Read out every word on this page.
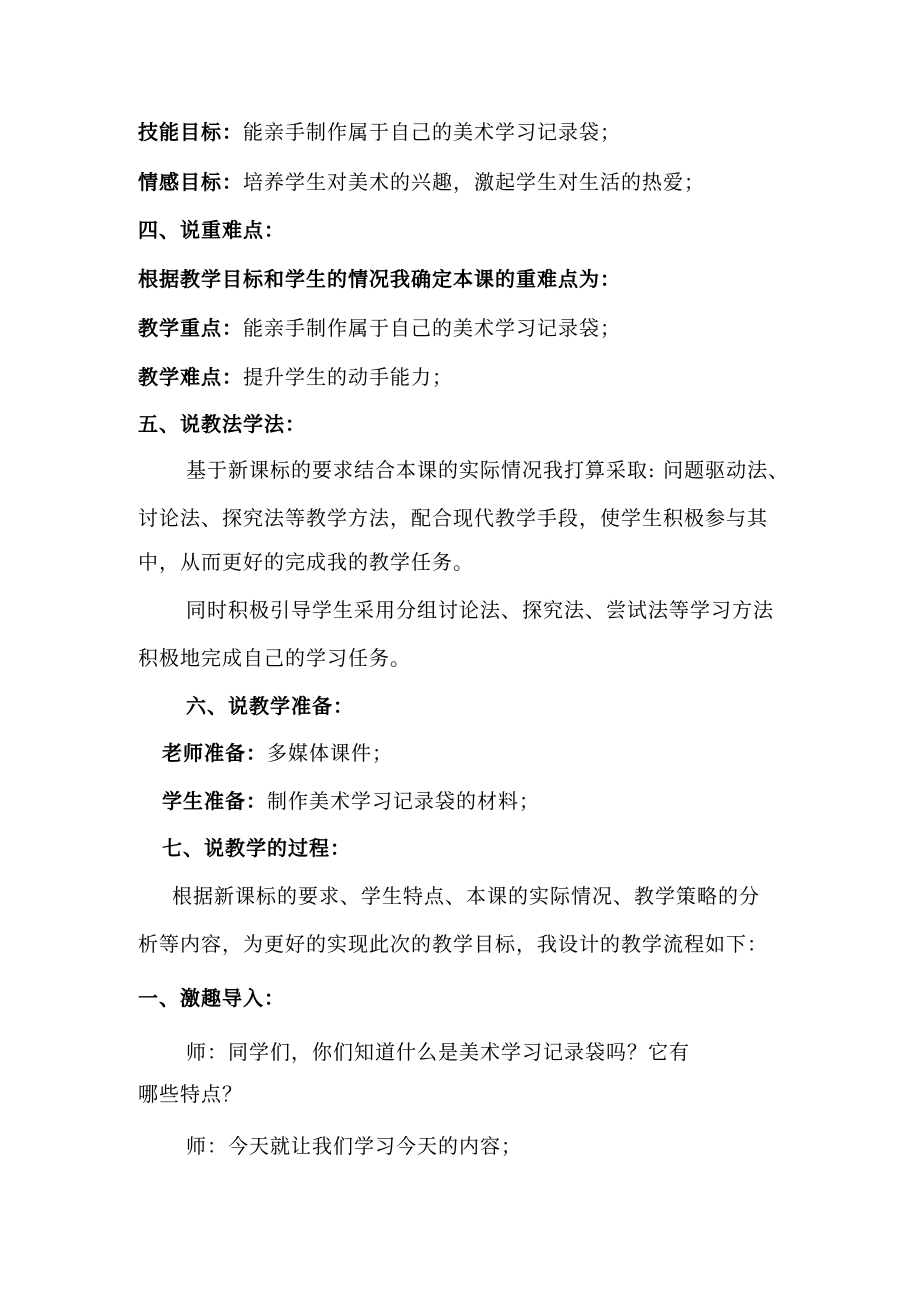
技能目标：能亲手制作属于自己的美术学习记录袋；
情感目标：培养学生对美术的兴趣，激起学生对生活的热爱；
四、说重难点：
根据教学目标和学生的情况我确定本课的重难点为：
教学重点：能亲手制作属于自己的美术学习记录袋；
教学难点：提升学生的动手能力；
五、说教法学法：
基于新课标的要求结合本课的实际情况我打算采取: 问题驱动法、
讨论法、探究法等教学方法，配合现代教学手段，使学生积极参与其
中，从而更好的完成我的教学任务。
同时积极引导学生采用分组讨论法、探究法、尝试法等学习方法
积极地完成自己的学习任务。
六、说教学准备：
老师准备：多媒体课件；
学生准备：制作美术学习记录袋的材料；
七、说教学的过程：
根据新课标的要求、学生特点、本课的实际情况、教学策略的分
析等内容，为更好的实现此次的教学目标，我设计的教学流程如下：
一、激趣导入：
师：同学们，你们知道什么是美术学习记录袋吗？它有
哪些特点？
师：今天就让我们学习今天的内容；
